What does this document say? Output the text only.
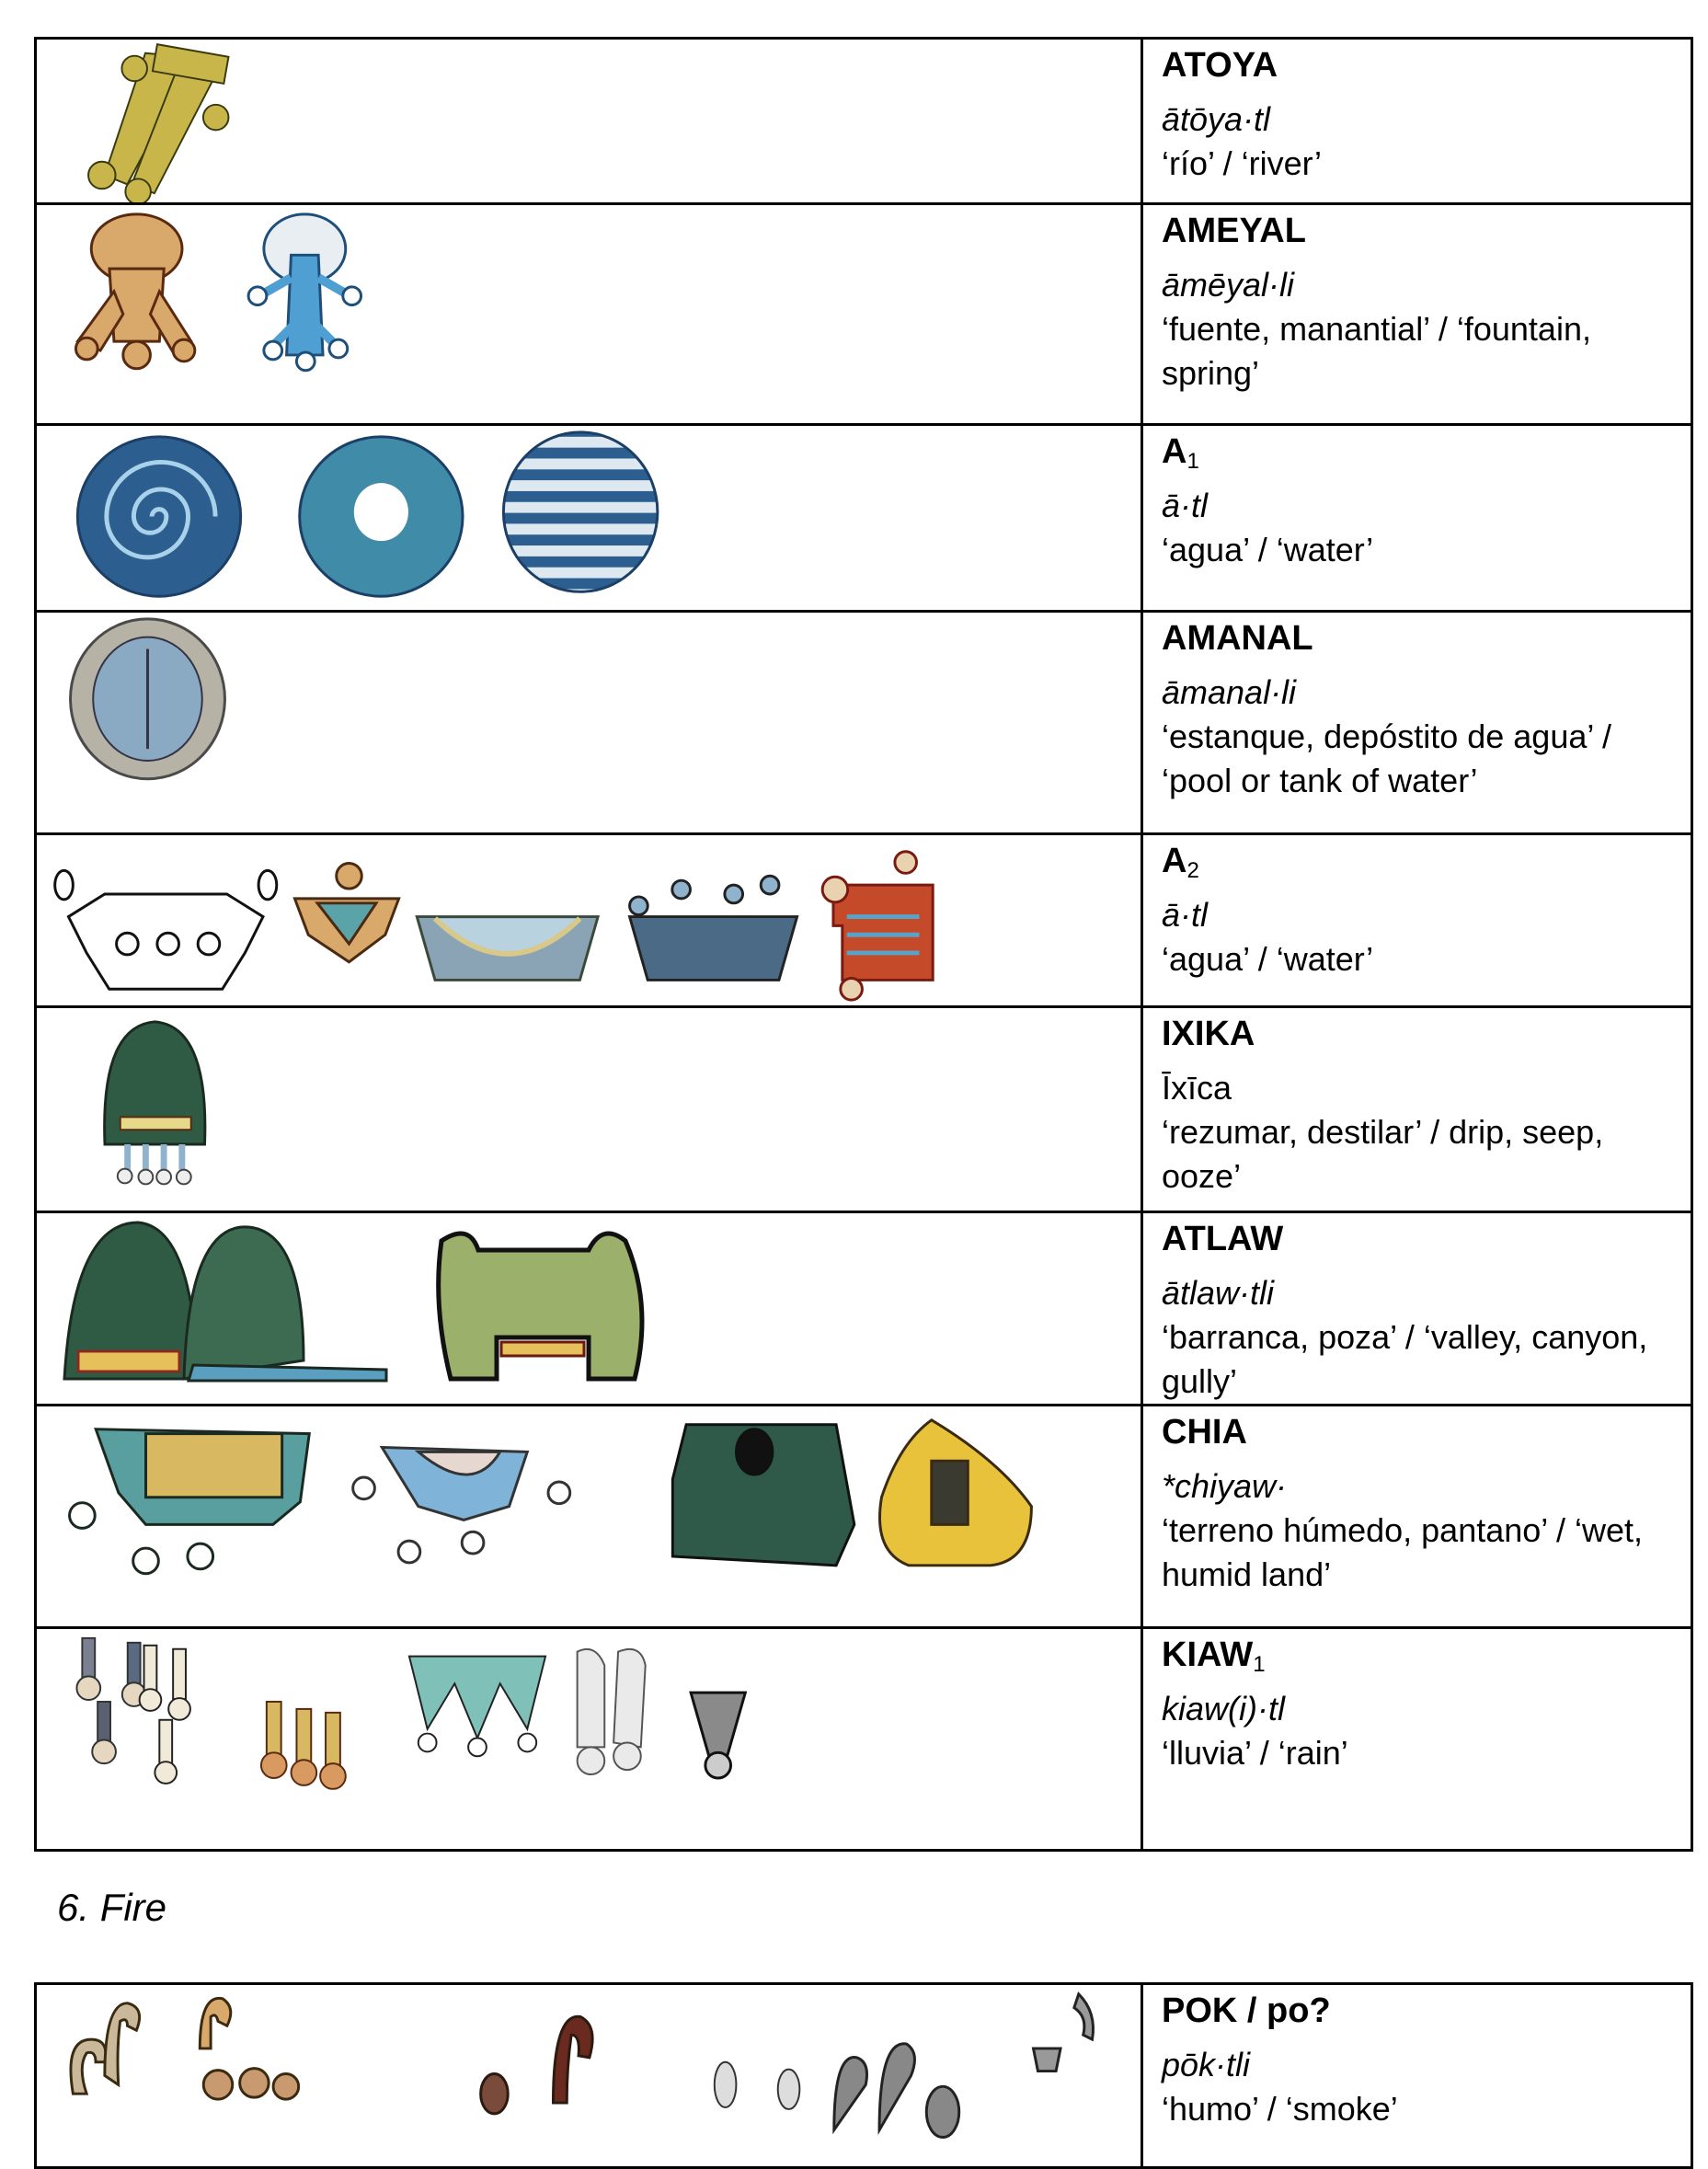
ATOYA
ātōya·tl
‘río’ / ‘river’

AMEYAL
āmēyal·li
‘fuente, manantial’ / ‘fountain, spring’

$A_1$
ā·tl
‘agua’ / ‘water’

AMANAL
āmanal·li
‘estanque, depóstito de agua’ / ‘pool or tank of water’

$A_2$
ā·tl
‘agua’ / ‘water’

IXIKA
Īxīca
‘rezumar, destilar’ / drip, seep, ooze’

ATLAW
ātlaw·tli
‘barranca, poza’ / ‘valley, canyon, gully’

CHIA
*chiyaw·
‘terreno húmedo, pantano’ / ‘wet, humid land’

$KIAW_1$
kiaw(i)·tl
‘lluvia’ / ‘rain’
6. Fire

POK / po?
pōk·tli
‘humo’ / ‘smoke’
